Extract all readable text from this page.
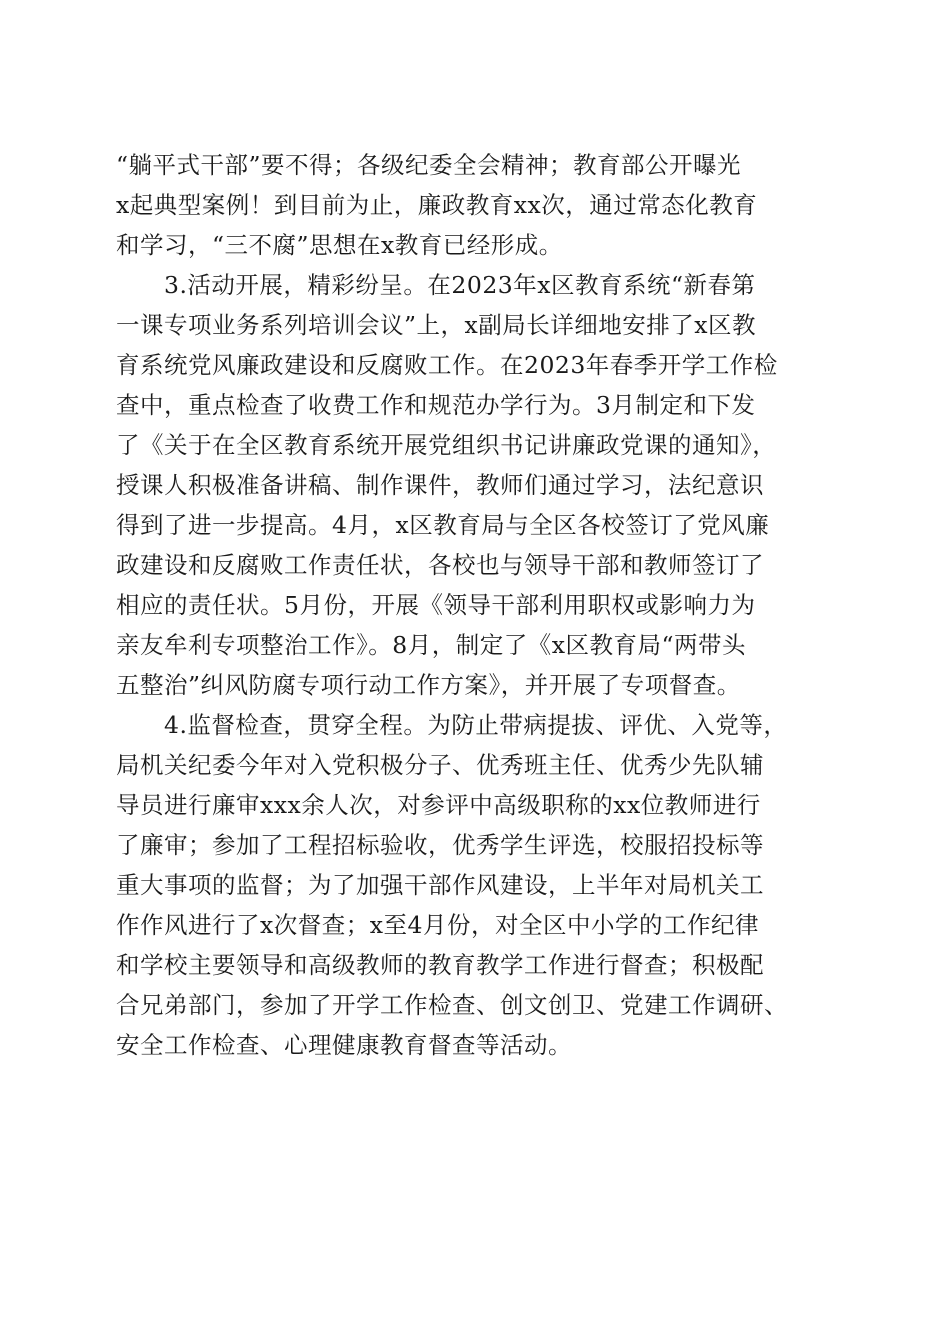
“躺平式干部”要不得；各级纪委全会精神；教育部公开曝光
x起典型案例！到目前为止，廉政教育xx次，通过常态化教育
和学习，“三不腐”思想在x教育已经形成。
3.活动开展，精彩纷呈。在2023年x区教育系统“新春第
一课专项业务系列培训会议”上，x副局长详细地安排了x区教
育系统党风廉政建设和反腐败工作。在2023年春季开学工作检
查中，重点检查了收费工作和规范办学行为。3月制定和下发
了《关于在全区教育系统开展党组织书记讲廉政党课的通知》，
授课人积极准备讲稿、制作课件，教师们通过学习，法纪意识
得到了进一步提高。4月，x区教育局与全区各校签订了党风廉
政建设和反腐败工作责任状，各校也与领导干部和教师签订了
相应的责任状。5月份，开展《领导干部利用职权或影响力为
亲友牟利专项整治工作》。8月，制定了《x区教育局“两带头
五整治”纠风防腐专项行动工作方案》，并开展了专项督查。
4.监督检查，贯穿全程。为防止带病提拔、评优、入党等，
局机关纪委今年对入党积极分子、优秀班主任、优秀少先队辅
导员进行廉审xxx余人次，对参评中高级职称的xx位教师进行
了廉审；参加了工程招标验收，优秀学生评选，校服招投标等
重大事项的监督；为了加强干部作风建设，上半年对局机关工
作作风进行了x次督查；x至4月份，对全区中小学的工作纪律
和学校主要领导和高级教师的教育教学工作进行督查；积极配
合兄弟部门，参加了开学工作检查、创文创卫、党建工作调研、
安全工作检查、心理健康教育督查等活动。
